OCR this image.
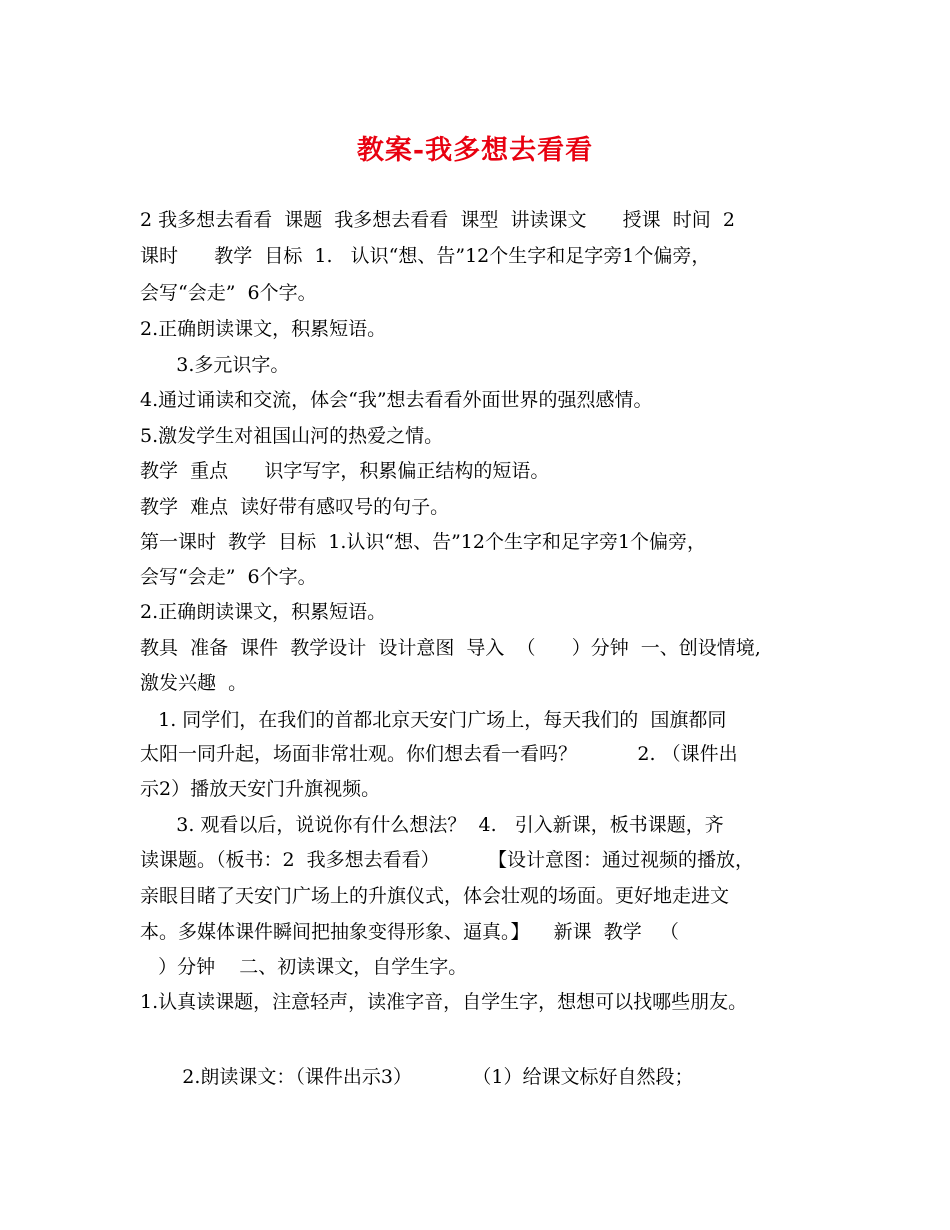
教案-我多想去看看
2 我多想去看看  课题  我多想去看看  课型  讲读课文      授课  时间  2
课时      教学  目标  1.   认识“想、告”12个生字和足字旁1个偏旁，
会写“会走”  6个字。
2.正确朗读课文，积累短语。
3.多元识字。
4.通过诵读和交流，体会“我”想去看看外面世界的强烈感情。
5.激发学生对祖国山河的热爱之情。
教学  重点      识字写字，积累偏正结构的短语。
教学  难点  读好带有感叹号的句子。
第一课时  教学  目标  1.认识“想、告”12个生字和足字旁1个偏旁，
会写“会走”  6个字。
2.正确朗读课文，积累短语。
教具  准备  课件  教学设计  设计意图  导入  （      ）分钟  一、创设情境,
激发兴趣  。
1. 同学们，在我们的首都北京天安门广场上，每天我们的  国旗都同
太阳一同升起，场面非常壮观。你们想去看一看吗？          2. （课件出
示2）播放天安门升旗视频。
3. 观看以后，说说你有什么想法？  4.   引入新课，板书课题，齐
读课题。（板书：2  我多想去看看）        【设计意图：通过视频的播放，
亲眼目睹了天安门广场上的升旗仪式，体会壮观的场面。更好地走进文
本。多媒体课件瞬间把抽象变得形象、逼真。】    新课  教学   （
）分钟    二、初读课文，自学生字。
1.认真读课题，注意轻声，读准字音，自学生字，想想可以找哪些朋友。
2.朗读课文：（课件出示3）          （1）给课文标好自然段；
